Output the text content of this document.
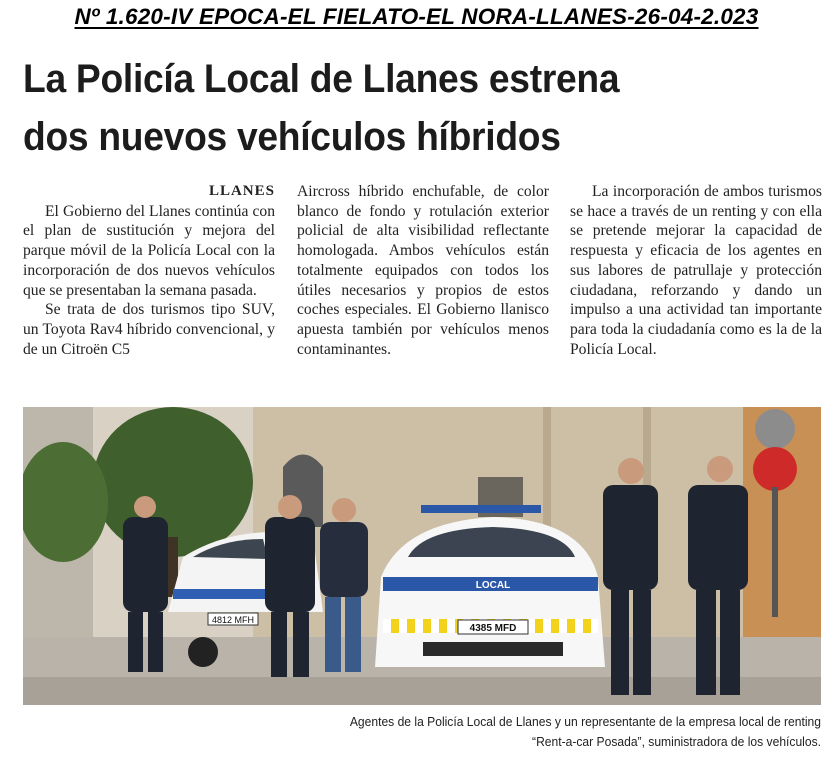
Nº 1.620-IV EPOCA-EL FIELATO-EL NORA-LLANES-26-04-2.023
La Policía Local de Llanes estrena
dos nuevos vehículos híbridos
LLANES

El Gobierno del Llanes continúa con el plan de sustitución y mejora del parque móvil de la Policía Local con la incorporación de dos nuevos vehículos que se presentaban la semana pasada.

Se trata de dos turismos tipo SUV, un Toyota Rav4 híbrido convencional, y de un Citroën C5

Aircross híbrido enchufable, de color blanco de fondo y rotulación exterior policial de alta visibilidad reflectante homologada. Ambos vehículos están totalmente equipados con todos los útiles necesarios y propios de estos coches especiales. El Gobierno llanisco apuesta también por vehículos menos contaminantes.

La incorporación de ambos turismos se hace a través de un renting y con ella se pretende mejorar la capacidad de respuesta y eficacia de los agentes en sus labores de patrullaje y protección ciudadana, reforzando y dando un impulso a una actividad tan importante para toda la ciudadanía como es la de la Policía Local.

4812 MFH
LOCAL
4385 MFD
Agentes de la Policía Local de Llanes y un representante de la empresa local de renting
“Rent-a-car Posada”, suministradora de los vehículos.
